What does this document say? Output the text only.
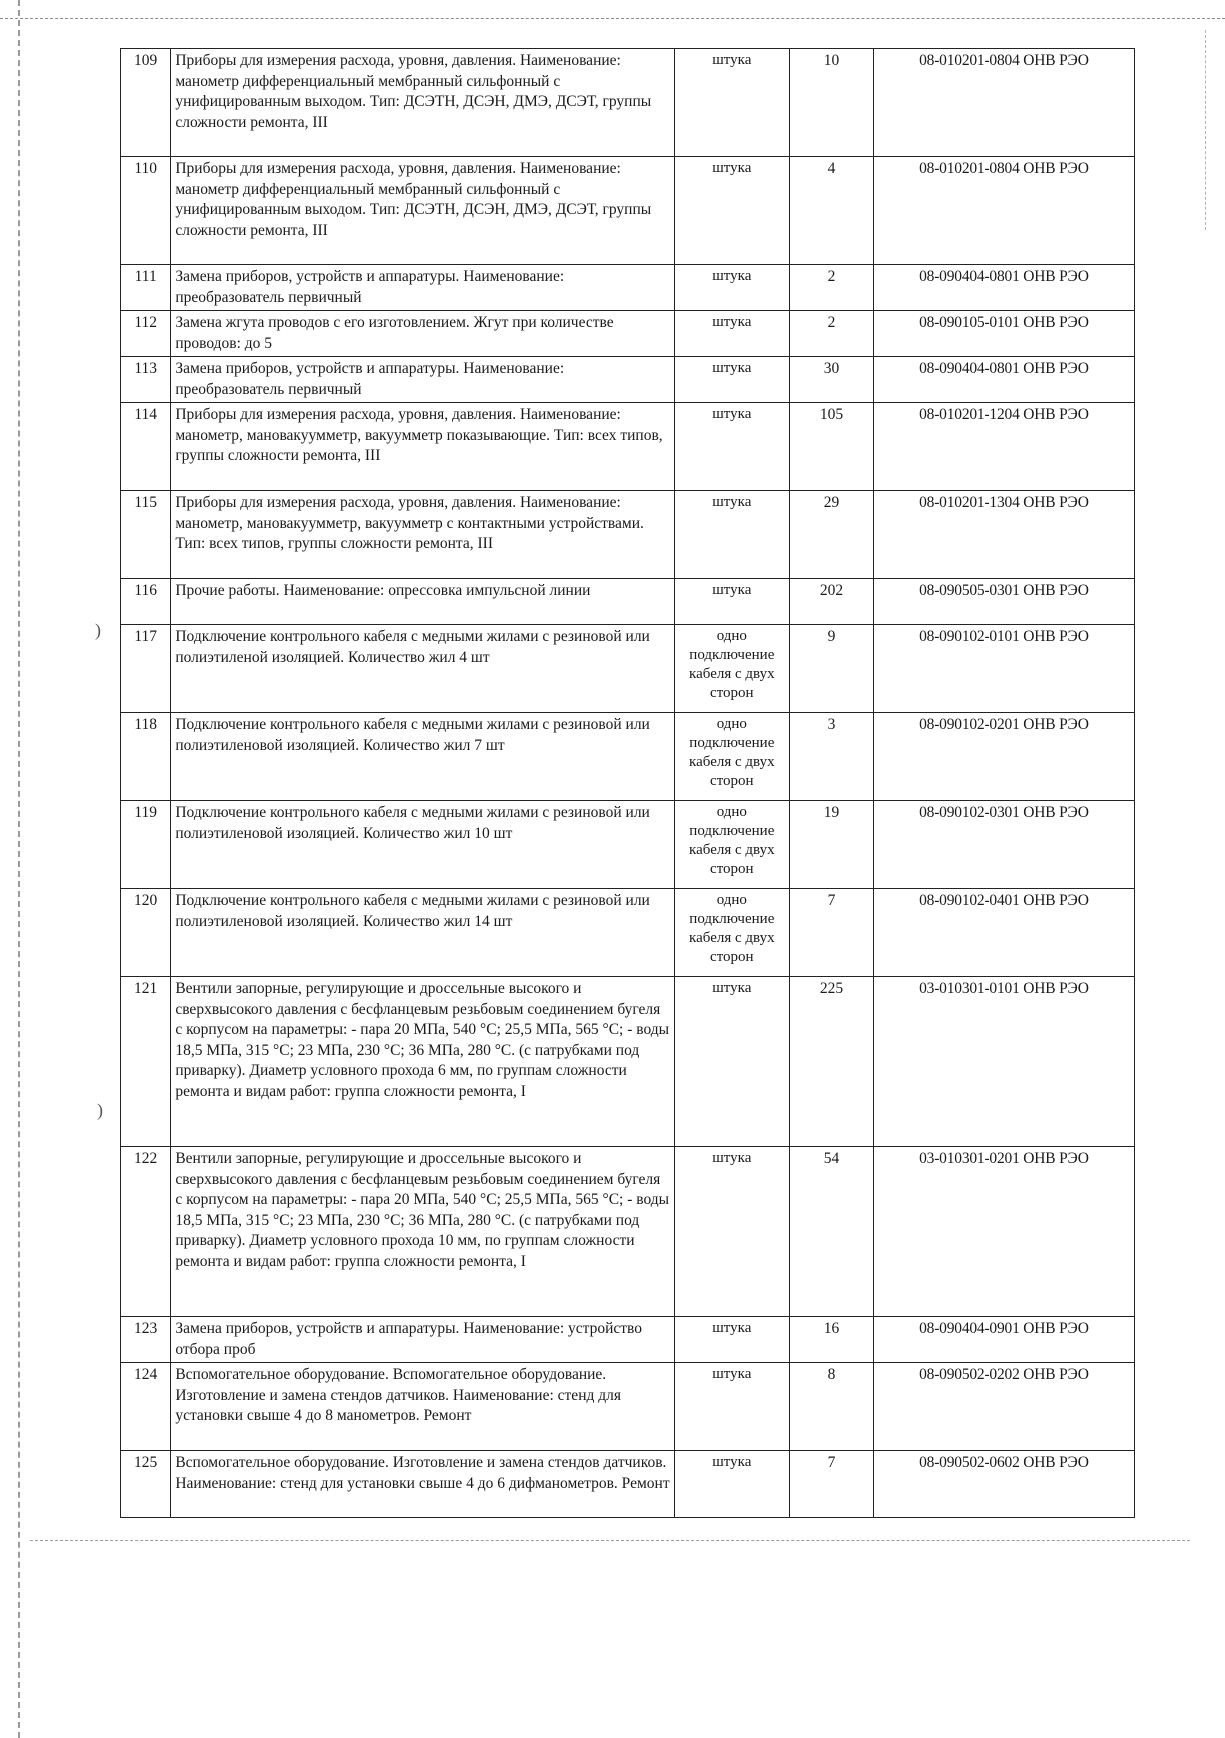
)
)
109	Приборы для измерения расхода, уровня, давления. Наименование: манометр дифференциальный мембранный сильфонный с унифицированным выходом. Тип: ДСЭТН, ДСЭН, ДМЭ, ДСЭТ, группы сложности ремонта, III	штука	10	08-010201-0804 ОНВ РЭО
110	Приборы для измерения расхода, уровня, давления. Наименование: манометр дифференциальный мембранный сильфонный с унифицированным выходом. Тип: ДСЭТН, ДСЭН, ДМЭ, ДСЭТ, группы сложности ремонта, III	штука	4	08-010201-0804 ОНВ РЭО
111	Замена приборов, устройств и аппаратуры. Наименование: преобразователь первичный	штука	2	08-090404-0801 ОНВ РЭО
112	Замена жгута проводов с его изготовлением. Жгут при количестве проводов: до 5	штука	2	08-090105-0101 ОНВ РЭО
113	Замена приборов, устройств и аппаратуры. Наименование: преобразователь первичный	штука	30	08-090404-0801 ОНВ РЭО
114	Приборы для измерения расхода, уровня, давления. Наименование: манометр, мановакуумметр, вакуумметр показывающие. Тип: всех типов, группы сложности ремонта, III	штука	105	08-010201-1204 ОНВ РЭО
115	Приборы для измерения расхода, уровня, давления. Наименование: манометр, мановакуумметр, вакуумметр с контактными устройствами. Тип: всех типов, группы сложности ремонта, III	штука	29	08-010201-1304 ОНВ РЭО
116	Прочие работы. Наименование: опрессовка импульсной линии	штука	202	08-090505-0301 ОНВ РЭО
117	Подключение контрольного кабеля с медными жилами с резиновой или полиэтиленой изоляцией. Количество жил 4 шт	одно подключение кабеля с двух сторон	9	08-090102-0101 ОНВ РЭО
118	Подключение контрольного кабеля с медными жилами с резиновой или полиэтиленовой изоляцией. Количество жил 7 шт	одно подключение кабеля с двух сторон	3	08-090102-0201 ОНВ РЭО
119	Подключение контрольного кабеля с медными жилами с резиновой или полиэтиленовой изоляцией. Количество жил 10 шт	одно подключение кабеля с двух сторон	19	08-090102-0301 ОНВ РЭО
120	Подключение контрольного кабеля с медными жилами с резиновой или полиэтиленовой изоляцией. Количество жил 14 шт	одно подключение кабеля с двух сторон	7	08-090102-0401 ОНВ РЭО
121	Вентили запорные, регулирующие и дроссельные высокого и сверхвысокого давления с бесфланцевым резьбовым соединением бугеля с корпусом на параметры: - пара 20 МПа, 540 °С; 25,5 МПа, 565 °С; - воды 18,5 МПа, 315 °С; 23 МПа, 230 °С; 36 МПа, 280 °С. (с патрубками под приварку). Диаметр условного прохода 6 мм, по группам сложности ремонта и видам работ: группа сложности ремонта, I	штука	225	03-010301-0101 ОНВ РЭО
122	Вентили запорные, регулирующие и дроссельные высокого и сверхвысокого давления с бесфланцевым резьбовым соединением бугеля с корпусом на параметры: - пара 20 МПа, 540 °С; 25,5 МПа, 565 °С; - воды 18,5 МПа, 315 °С; 23 МПа, 230 °С; 36 МПа, 280 °С. (с патрубками под приварку). Диаметр условного прохода 10 мм, по группам сложности ремонта и видам работ: группа сложности ремонта, I	штука	54	03-010301-0201 ОНВ РЭО
123	Замена приборов, устройств и аппаратуры. Наименование: устройство отбора проб	штука	16	08-090404-0901 ОНВ РЭО
124	Вспомогательное оборудование. Вспомогательное оборудование. Изготовление и замена стендов датчиков. Наименование: стенд для установки свыше 4 до 8 манометров. Ремонт	штука	8	08-090502-0202 ОНВ РЭО
125	Вспомогательное оборудование. Изготовление и замена стендов датчиков. Наименование: стенд для установки свыше 4 до 6 дифманометров. Ремонт	штука	7	08-090502-0602 ОНВ РЭО
